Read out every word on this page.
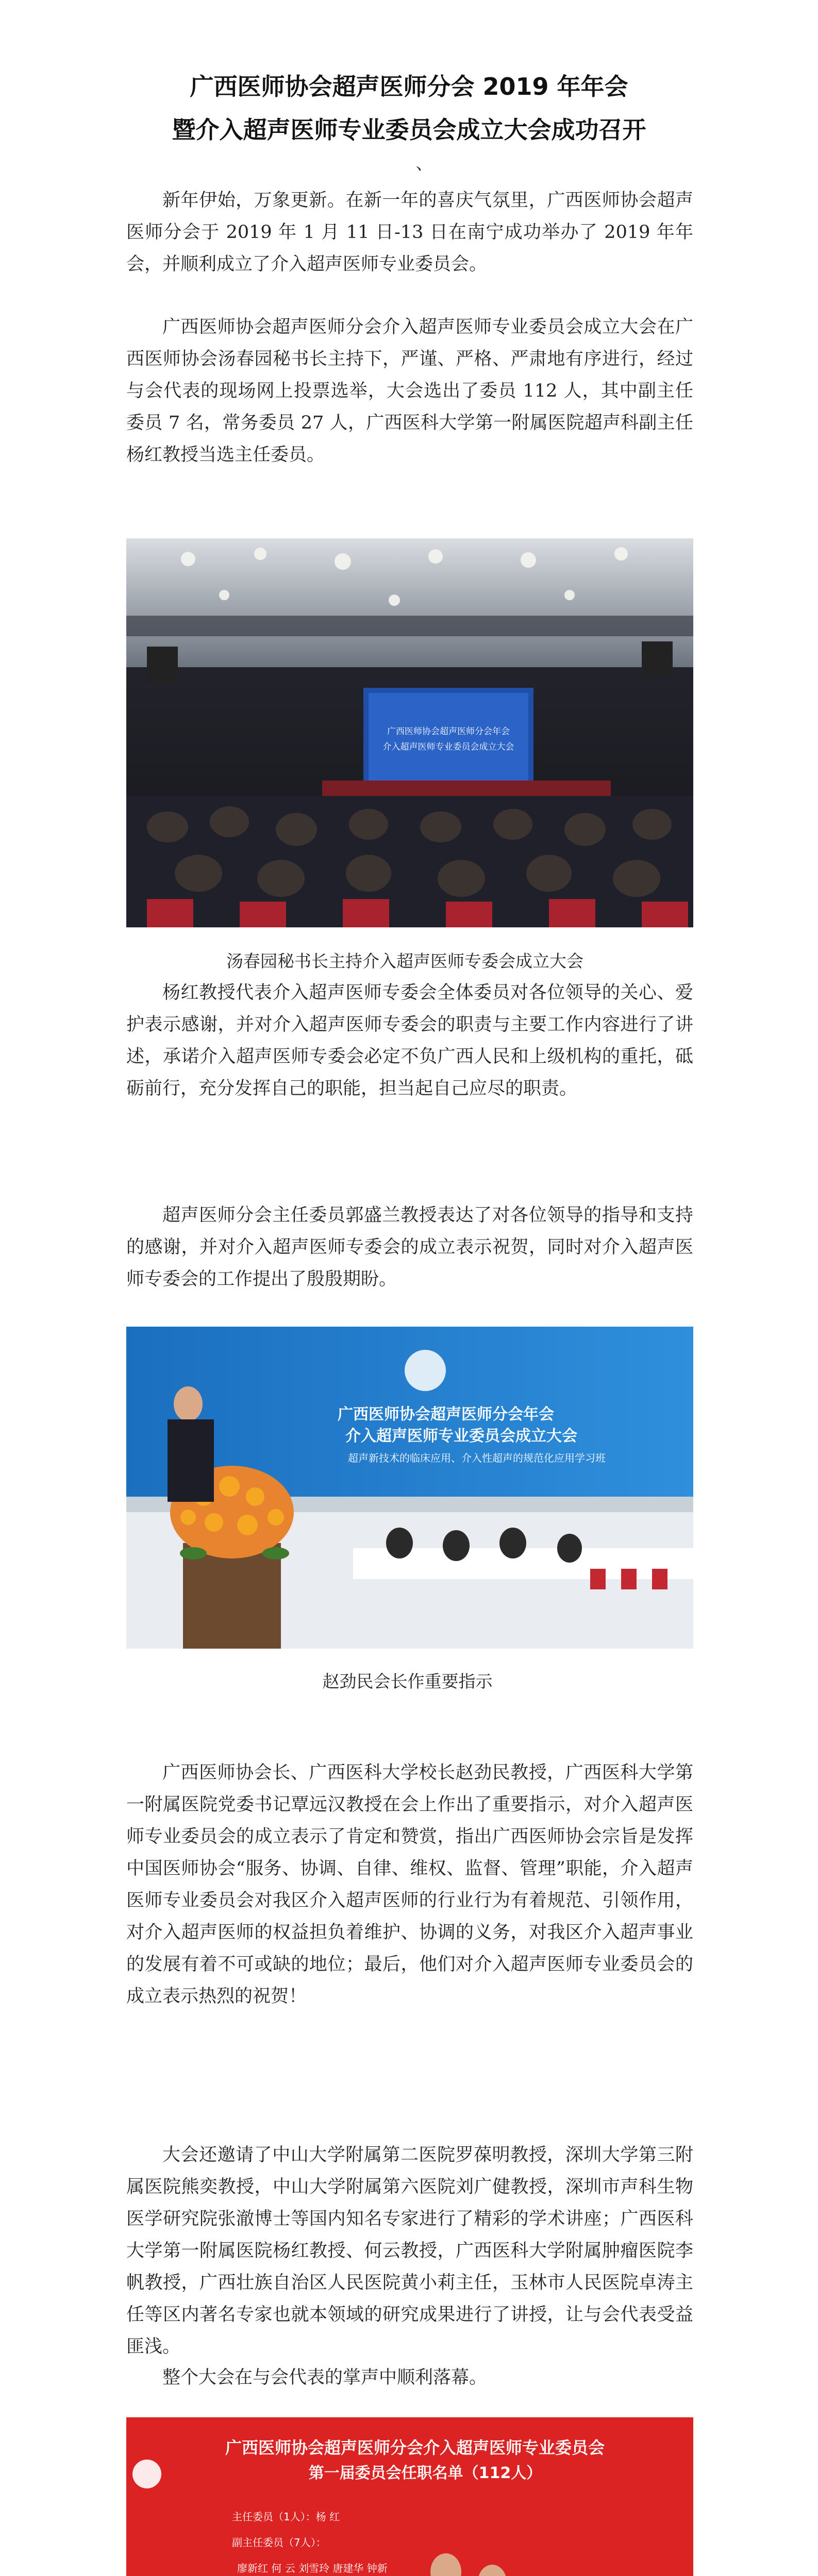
广西医师协会超声医师分会 2019 年年会
暨介入超声医师专业委员会成立大会成功召开
、

新年伊始，万象更新。在新一年的喜庆气氛里，广西医师协会超声医师分会于 2019 年 1 月 11 日-13 日在南宁成功举办了 2019 年年会，并顺利成立了介入超声医师专业委员会。

广西医师协会超声医师分会介入超声医师专业委员会成立大会在广西医师协会汤春园秘书长主持下，严谨、严格、严肃地有序进行，经过与会代表的现场网上投票选举，大会选出了委员 112 人，其中副主任委员 7 名，常务委员 27 人，广西医科大学第一附属医院超声科副主任杨红教授当选主任委员。

广西医师协会超声医师分会年会
介入超声医师专业委员会成立大会
汤春园秘书长主持介入超声医师专委会成立大会

杨红教授代表介入超声医师专委会全体委员对各位领导的关心、爱护表示感谢，并对介入超声医师专委会的职责与主要工作内容进行了讲述，承诺介入超声医师专委会必定不负广西人民和上级机构的重托，砥砺前行，充分发挥自己的职能，担当起自己应尽的职责。

超声医师分会主任委员郭盛兰教授表达了对各位领导的指导和支持的感谢，并对介入超声医师专委会的成立表示祝贺，同时对介入超声医师专委会的工作提出了殷殷期盼。

广西医师协会超声医师分会年会
介入超声医师专业委员会成立大会
超声新技术的临床应用、介入性超声的规范化应用学习班
赵劲民会长作重要指示

广西医师协会长、广西医科大学校长赵劲民教授，广西医科大学第一附属医院党委书记覃远汉教授在会上作出了重要指示，对介入超声医师专业委员会的成立表示了肯定和赞赏，指出广西医师协会宗旨是发挥中国医师协会“服务、协调、自律、维权、监督、管理”职能，介入超声医师专业委员会对我区介入超声医师的行业行为有着规范、引领作用，对介入超声医师的权益担负着维护、协调的义务，对我区介入超声事业的发展有着不可或缺的地位；最后，他们对介入超声医师专业委员会的成立表示热烈的祝贺！

大会还邀请了中山大学附属第二医院罗葆明教授，深圳大学第三附属医院熊奕教授，中山大学附属第六医院刘广健教授，深圳市声科生物医学研究院张澈博士等国内知名专家进行了精彩的学术讲座；广西医科大学第一附属医院杨红教授、何云教授，广西医科大学附属肿瘤医院李帆教授，广西壮族自治区人民医院黄小莉主任，玉林市人民医院卓涛主任等区内著名专家也就本领域的研究成果进行了讲授，让与会代表受益匪浅。

整个大会在与会代表的掌声中顺利落幕。

广西医师协会超声医师分会介入超声医师专业委员会
第一届委员会任职名单（112人）
主任委员（1人）：杨 红
副主任委员（7人）：
廖新红 何 云 刘雪玲 唐建华 钟新
